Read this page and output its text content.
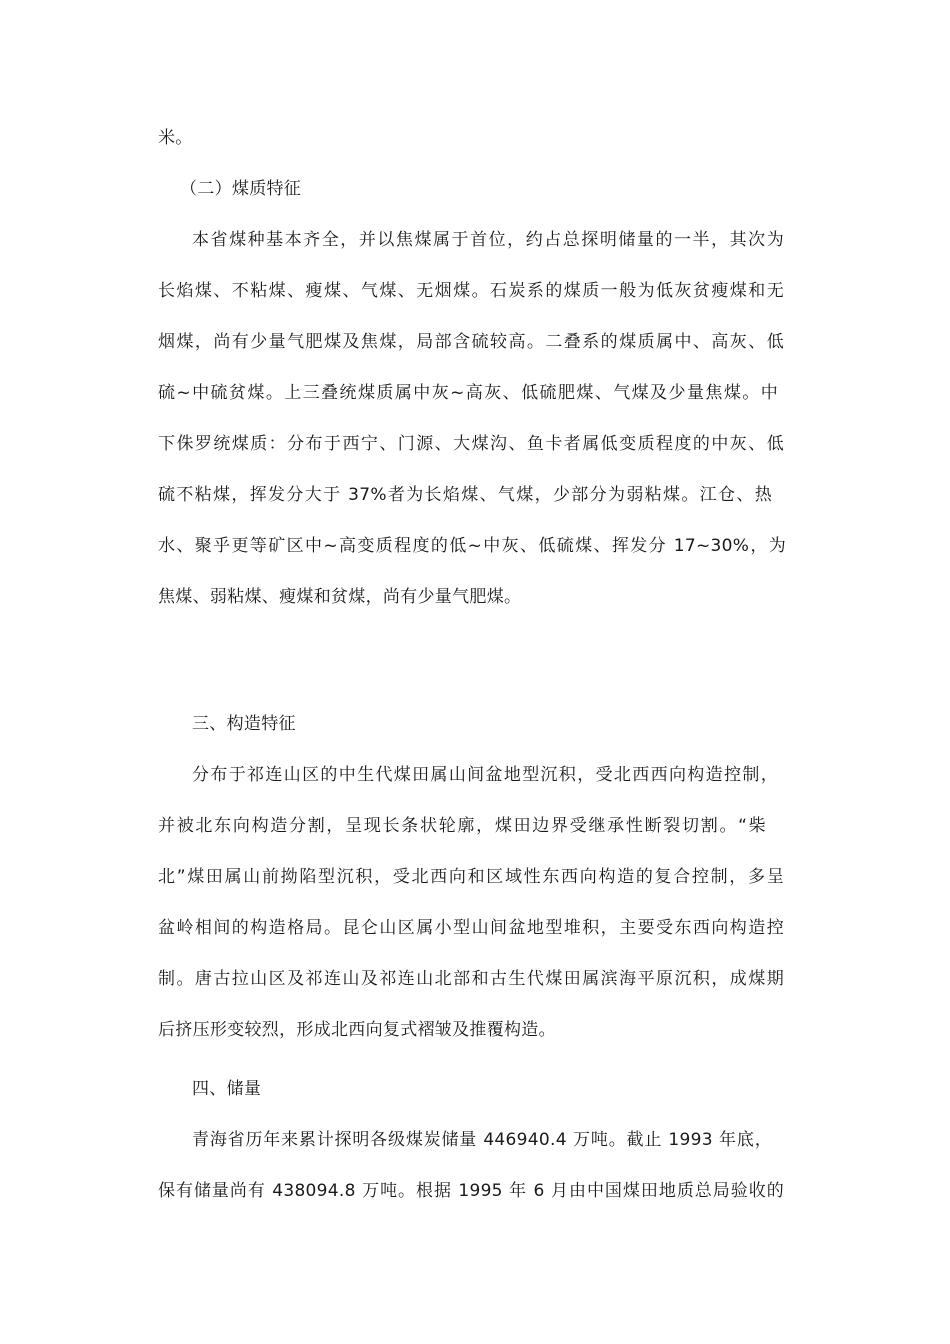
米。
（二）煤质特征
本省煤种基本齐全，并以焦煤属于首位，约占总探明储量的一半，其次为
长焰煤、不粘煤、瘦煤、气煤、无烟煤。石炭系的煤质一般为低灰贫瘦煤和无
烟煤，尚有少量气肥煤及焦煤，局部含硫较高。二叠系的煤质属中、高灰、低
硫~中硫贫煤。上三叠统煤质属中灰~高灰、低硫肥煤、气煤及少量焦煤。中
下侏罗统煤质：分布于西宁、门源、大煤沟、鱼卡者属低变质程度的中灰、低
硫不粘煤，挥发分大于 37%者为长焰煤、气煤，少部分为弱粘煤。江仓、热
水、聚乎更等矿区中~高变质程度的低~中灰、低硫煤、挥发分 17~30%，为
焦煤、弱粘煤、瘦煤和贫煤，尚有少量气肥煤。
三、构造特征
分布于祁连山区的中生代煤田属山间盆地型沉积，受北西西向构造控制，
并被北东向构造分割，呈现长条状轮廓，煤田边界受继承性断裂切割。“柴
北”煤田属山前拗陷型沉积，受北西向和区域性东西向构造的复合控制，多呈
盆岭相间的构造格局。昆仑山区属小型山间盆地型堆积，主要受东西向构造控
制。唐古拉山区及祁连山及祁连山北部和古生代煤田属滨海平原沉积，成煤期
后挤压形变较烈，形成北西向复式褶皱及推覆构造。
四、储量
青海省历年来累计探明各级煤炭储量 446940.4 万吨。截止 1993 年底，
保有储量尚有 438094.8 万吨。根据 1995 年 6 月由中国煤田地质总局验收的
